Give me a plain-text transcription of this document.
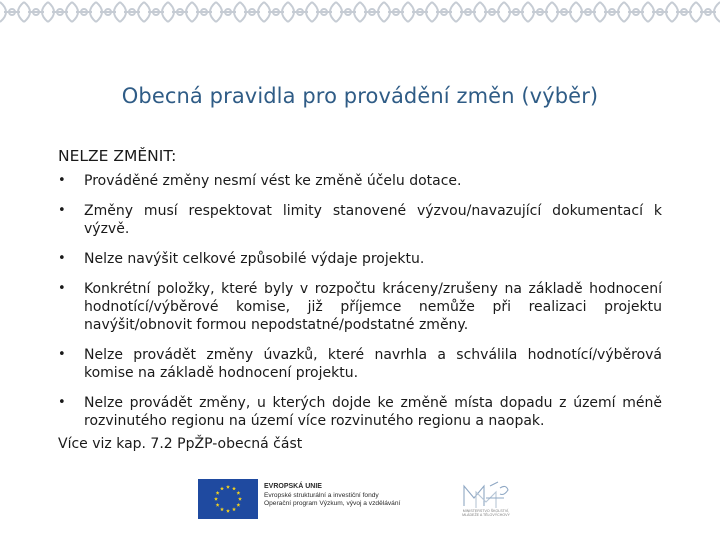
Obecná pravidla pro provádění změn (výběr)
NELZE ZMĚNIT:
• Prováděné změny nesmí vést ke změně účelu dotace.
• Změny musí respektovat limity stanovené výzvou/navazující dokumentací k výzvě.
• Nelze navýšit celkové způsobilé výdaje projektu.
• Konkrétní položky, které byly v rozpočtu kráceny/zrušeny na základě hodnocení hodnotící/výběrové komise, již příjemce nemůže při realizaci projektu navýšit/obnovit formou nepodstatné/podstatné změny.
• Nelze provádět změny úvazků, které navrhla a schválila hodnotící/výběrová komise na základě hodnocení projektu.
• Nelze provádět změny, u kterých dojde ke změně místa dopadu z území méně rozvinutého regionu na území více rozvinutého regionu a naopak.
Více viz kap. 7.2 PpŽP-obecná část
EVROPSKÁ UNIE
Evropské strukturální a investiční fondy
Operační program Výzkum, vývoj a vzdělávání
MINISTERSTVO ŠKOLSTVÍ,
MLÁDEŽE A TĚLOVÝCHOVY
